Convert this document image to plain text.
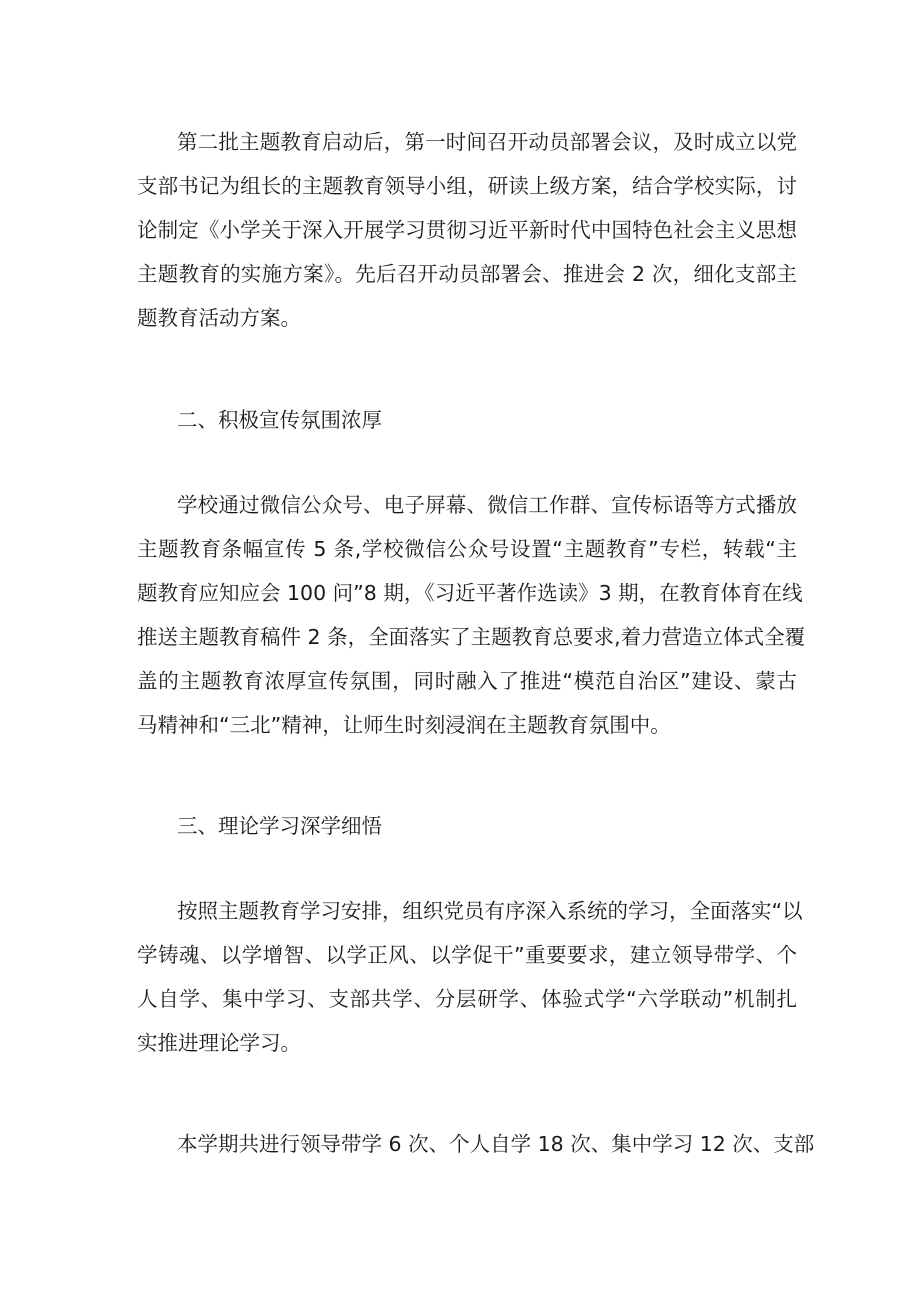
第二批主题教育启动后，第一时间召开动员部署会议，及时成立以党
支部书记为组长的主题教育领导小组，研读上级方案，结合学校实际，讨
论制定《小学关于深入开展学习贯彻习近平新时代中国特色社会主义思想
主题教育的实施方案》。先后召开动员部署会、推进会 2 次，细化支部主
题教育活动方案。
二、积极宣传氛围浓厚
学校通过微信公众号、电子屏幕、微信工作群、宣传标语等方式播放
主题教育条幅宣传 5 条,学校微信公众号设置“主题教育”专栏，转载“主
题教育应知应会 100 问”8 期，《习近平著作选读》3 期，在教育体育在线
推送主题教育稿件 2 条，全面落实了主题教育总要求,着力营造立体式全覆
盖的主题教育浓厚宣传氛围，同时融入了推进“模范自治区”建设、蒙古
马精神和“三北”精神，让师生时刻浸润在主题教育氛围中。
三、理论学习深学细悟
按照主题教育学习安排，组织党员有序深入系统的学习，全面落实“以
学铸魂、以学增智、以学正风、以学促干”重要要求，建立领导带学、个
人自学、集中学习、支部共学、分层研学、体验式学“六学联动”机制扎
实推进理论学习。
本学期共进行领导带学 6 次、个人自学 18 次、集中学习 12 次、支部
